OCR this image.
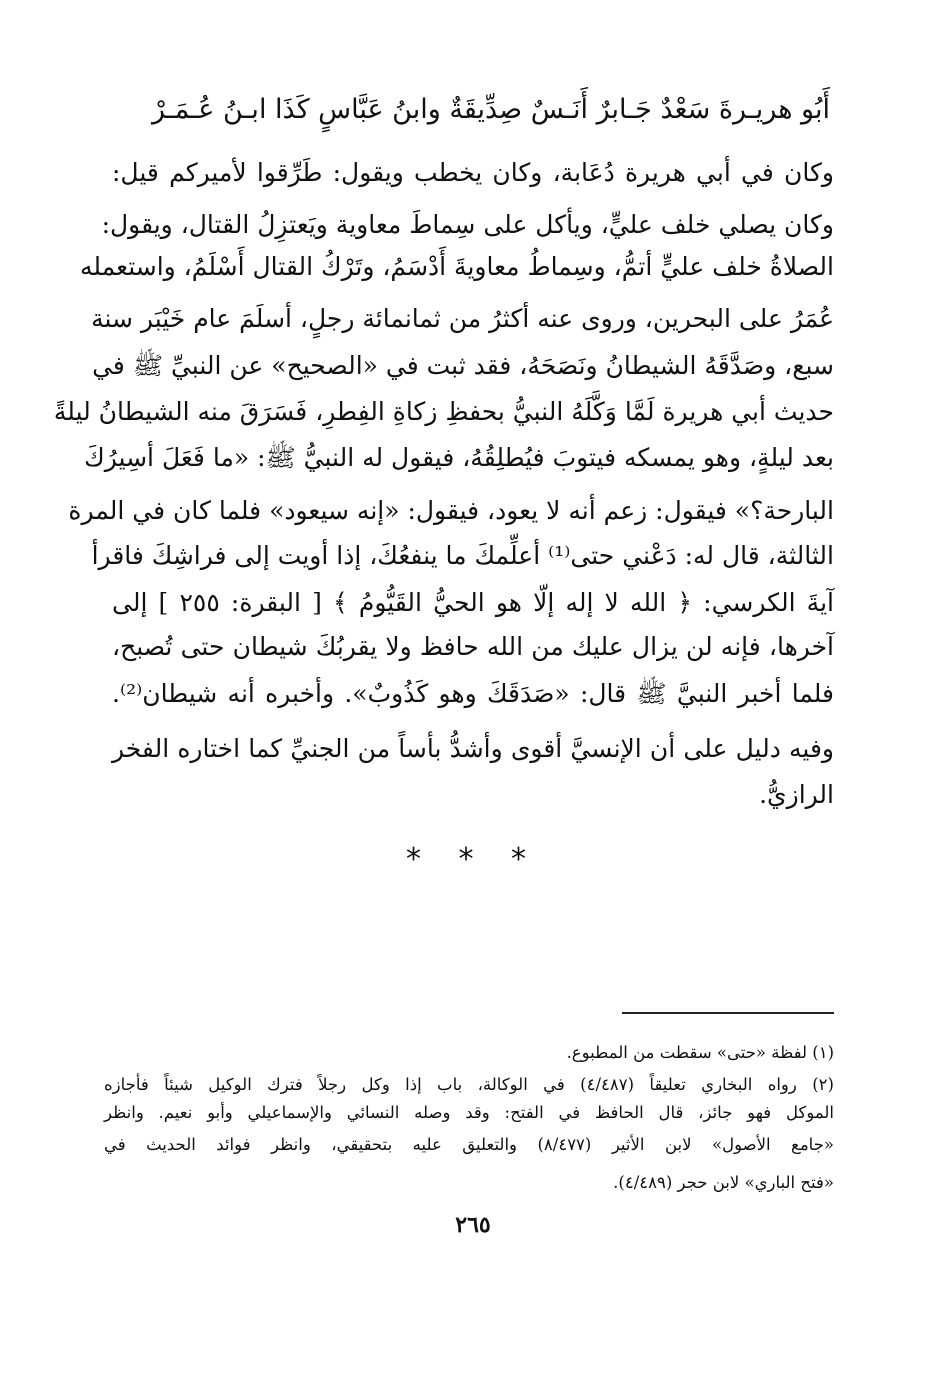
أَبُو هريـرةَ سَعْدٌ جَـابرٌ أَنَـسٌ صِدِّيقَةٌ وابنُ عَبَّاسٍ كَذَا ابـنُ عُـمَـرْ
وكان في أبي هريرة دُعَابة، وكان يخطب ويقول: طَرِّقوا لأميركم قيل:
وكان يصلي خلف عليٍّ، ويأكل على سِماطَ معاوية ويَعتزِلُ القتال، ويقول:
الصلاةُ خلف عليٍّ أتمُّ، وسِماطُ معاويةَ أَدْسَمُ، وتَرْكُ القتال أَسْلَمُ، واستعمله
عُمَرُ على البحرين، وروى عنه أكثرُ من ثمانمائة رجلٍ، أسلَمَ عام خَيْبَر سنة
سبع، وصَدَّقَهُ الشيطانُ ونَصَحَهُ، فقد ثبت في «الصحيح» عن النبيِّ ﷺ في
حديث أبي هريرة لَمَّا وَكَّلَهُ النبيُّ بحفظِ زكاةِ الفِطرِ، فَسَرَقَ منه الشيطانُ ليلةً
بعد ليلةٍ، وهو يمسكه فيتوبَ فيُطلِقُهُ، فيقول له النبيُّ ﷺ: «ما فَعَلَ أسِيرُكَ
البارحة؟» فيقول: زعم أنه لا يعود، فيقول: «إنه سيعود» فلما كان في المرة
الثالثة، قال له: دَعْني حتى⁽¹⁾ أعلِّمكَ ما ينفعُكَ، إذا أويت إلى فراشِكَ فاقرأ
آيةَ الكرسي: ﴿ الله لا إله إلّا هو الحيُّ القَيُّومُ ﴾ [ البقرة: ٢٥٥ ] إلى
آخرها، فإنه لن يزال عليك من الله حافظ ولا يقربُكَ شيطان حتى تُصبح،
فلما أخبر النبيَّ ﷺ قال: «صَدَقَكَ وهو كَذُوبٌ». وأخبره أنه شيطان⁽²⁾.
وفيه دليل على أن الإنسيَّ أقوى وأشدُّ بأساً من الجنيِّ كما اختاره الفخر
الرازيُّ.
* * *
(١) لفظة «حتى» سقطت من المطبوع.
(٢) رواه البخاري تعليقاً (٤/٤٨٧) في الوكالة، باب إذا وكل رجلاً فترك الوكيل شيئاً فأجازه
الموكل فهو جائز، قال الحافظ في الفتح: وقد وصله النسائي والإسماعيلي وأبو نعيم. وانظر
«جامع الأصول» لابن الأثير (٨/٤٧٧) والتعليق عليه بتحقيقي، وانظر فوائد الحديث في
«فتح الباري» لابن حجر (٤/٤٨٩).
٢٦٥
